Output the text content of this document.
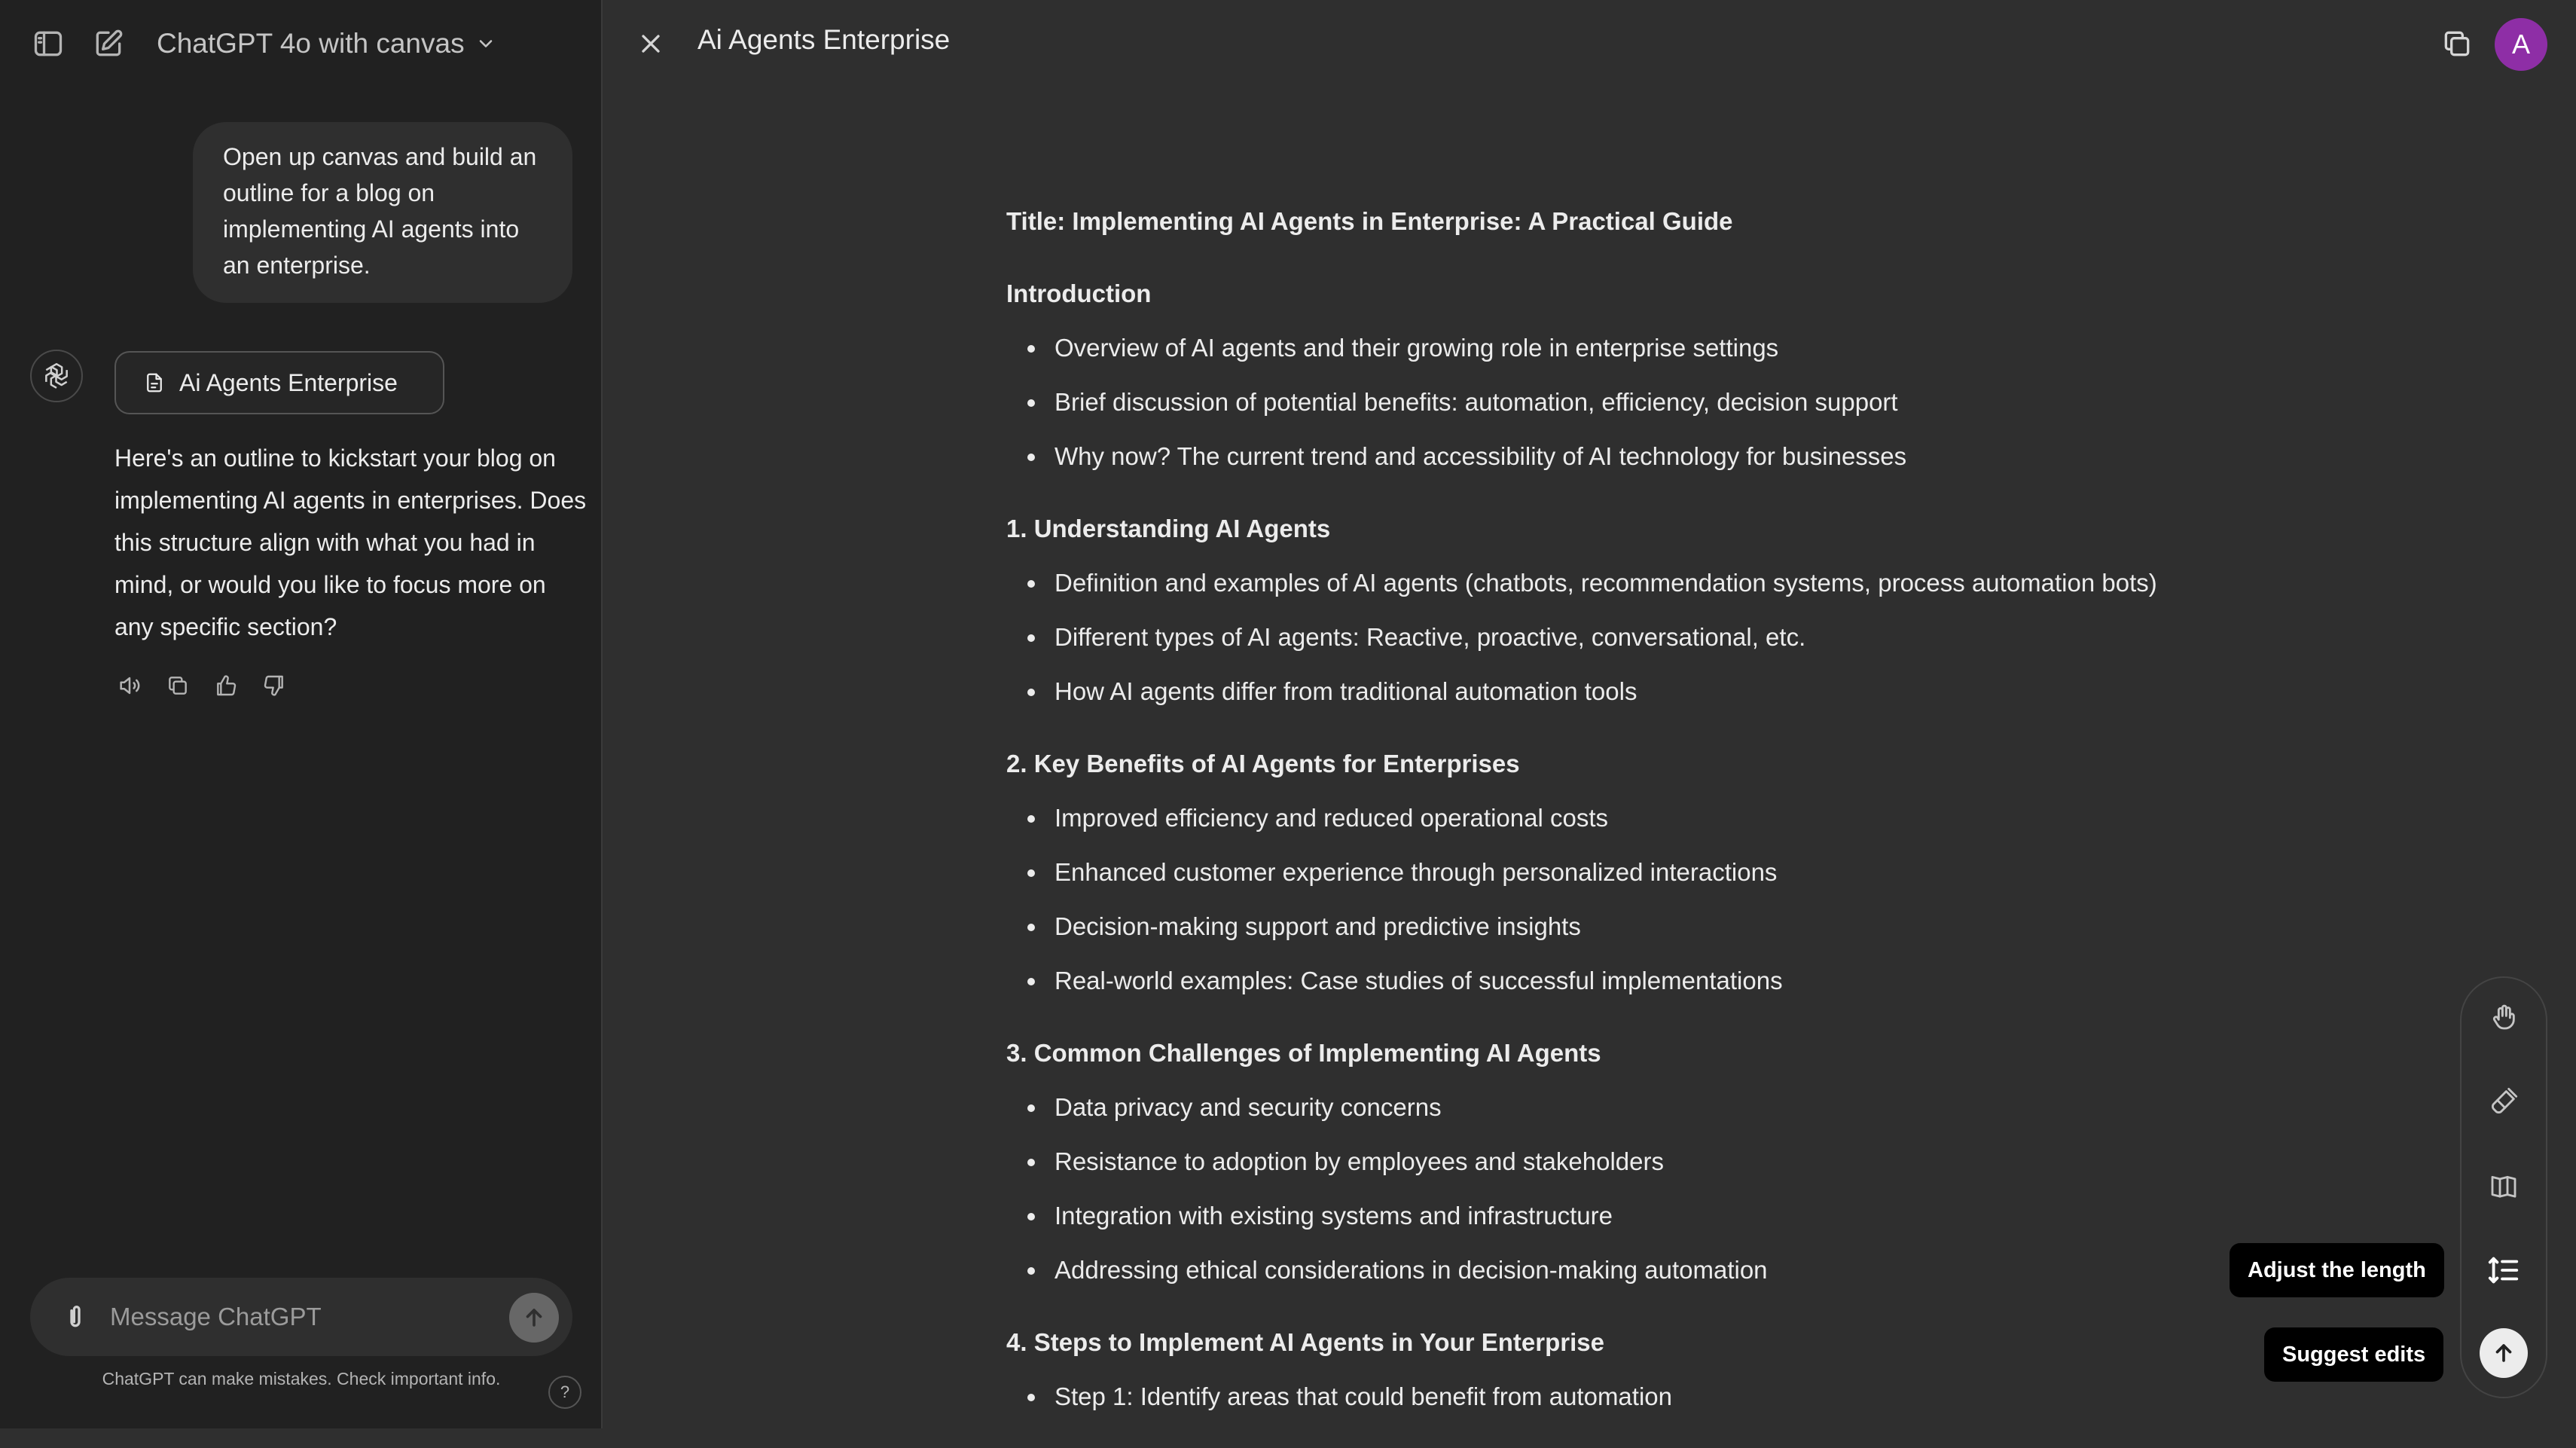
ChatGPT 4o with canvas
Open up canvas and build an outline for a blog on implementing AI agents into an enterprise.
Ai Agents Enterprise
Here's an outline to kickstart your blog on implementing AI agents in enterprises. Does this structure align with what you had in mind, or would you like to focus more on any specific section?
Message ChatGPT
ChatGPT can make mistakes. Check important info.
?
Ai Agents Enterprise	A
Title: Implementing AI Agents in Enterprise: A Practical Guide
Introduction
Overview of AI agents and their growing role in enterprise settings
Brief discussion of potential benefits: automation, efficiency, decision support
Why now? The current trend and accessibility of AI technology for businesses
1. Understanding AI Agents
Definition and examples of AI agents (chatbots, recommendation systems, process automation bots)
Different types of AI agents: Reactive, proactive, conversational, etc.
How AI agents differ from traditional automation tools
2. Key Benefits of AI Agents for Enterprises
Improved efficiency and reduced operational costs
Enhanced customer experience through personalized interactions
Decision-making support and predictive insights
Real-world examples: Case studies of successful implementations
3. Common Challenges of Implementing AI Agents
Data privacy and security concerns
Resistance to adoption by employees and stakeholders
Integration with existing systems and infrastructure
Addressing ethical considerations in decision-making automation
4. Steps to Implement AI Agents in Your Enterprise
Step 1: Identify areas that could benefit from automation
Adjust the length
Suggest edits
